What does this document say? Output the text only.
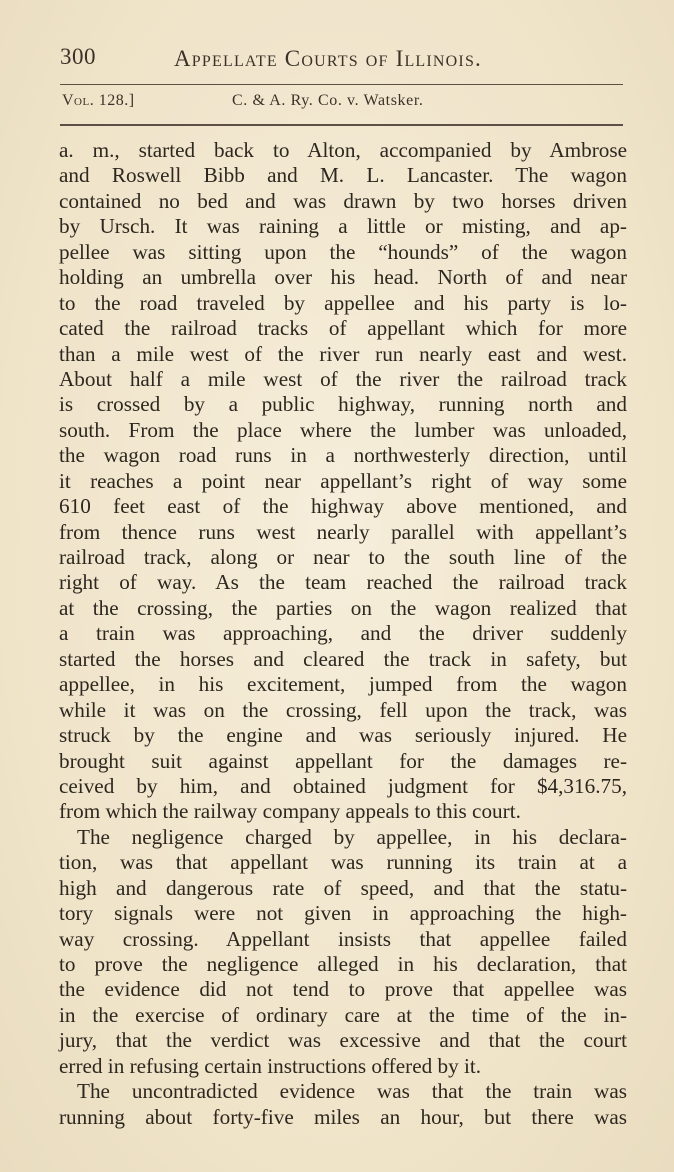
300	Appellate Courts of Illinois.
Vol. 128.]	C. & A. Ry. Co. v. Watsker.
a. m., started back to Alton, accompanied by Ambrose
and Roswell Bibb and M. L. Lancaster. The wagon
contained no bed and was drawn by two horses driven
by Ursch. It was raining a little or misting, and ap-
pellee was sitting upon the “hounds” of the wagon
holding an umbrella over his head. North of and near
to the road traveled by appellee and his party is lo-
cated the railroad tracks of appellant which for more
than a mile west of the river run nearly east and west.
About half a mile west of the river the railroad track
is crossed by a public highway, running north and
south. From the place where the lumber was unloaded,
the wagon road runs in a northwesterly direction, until
it reaches a point near appellant’s right of way some
610 feet east of the highway above mentioned, and
from thence runs west nearly parallel with appellant’s
railroad track, along or near to the south line of the
right of way. As the team reached the railroad track
at the crossing, the parties on the wagon realized that
a train was approaching, and the driver suddenly
started the horses and cleared the track in safety, but
appellee, in his excitement, jumped from the wagon
while it was on the crossing, fell upon the track, was
struck by the engine and was seriously injured. He
brought suit against appellant for the damages re-
ceived by him, and obtained judgment for $4,316.75,
from which the railway company appeals to this court.
The negligence charged by appellee, in his declara-
tion, was that appellant was running its train at a
high and dangerous rate of speed, and that the statu-
tory signals were not given in approaching the high-
way crossing. Appellant insists that appellee failed
to prove the negligence alleged in his declaration, that
the evidence did not tend to prove that appellee was
in the exercise of ordinary care at the time of the in-
jury, that the verdict was excessive and that the court
erred in refusing certain instructions offered by it.
The uncontradicted evidence was that the train was
running about forty-five miles an hour, but there was
